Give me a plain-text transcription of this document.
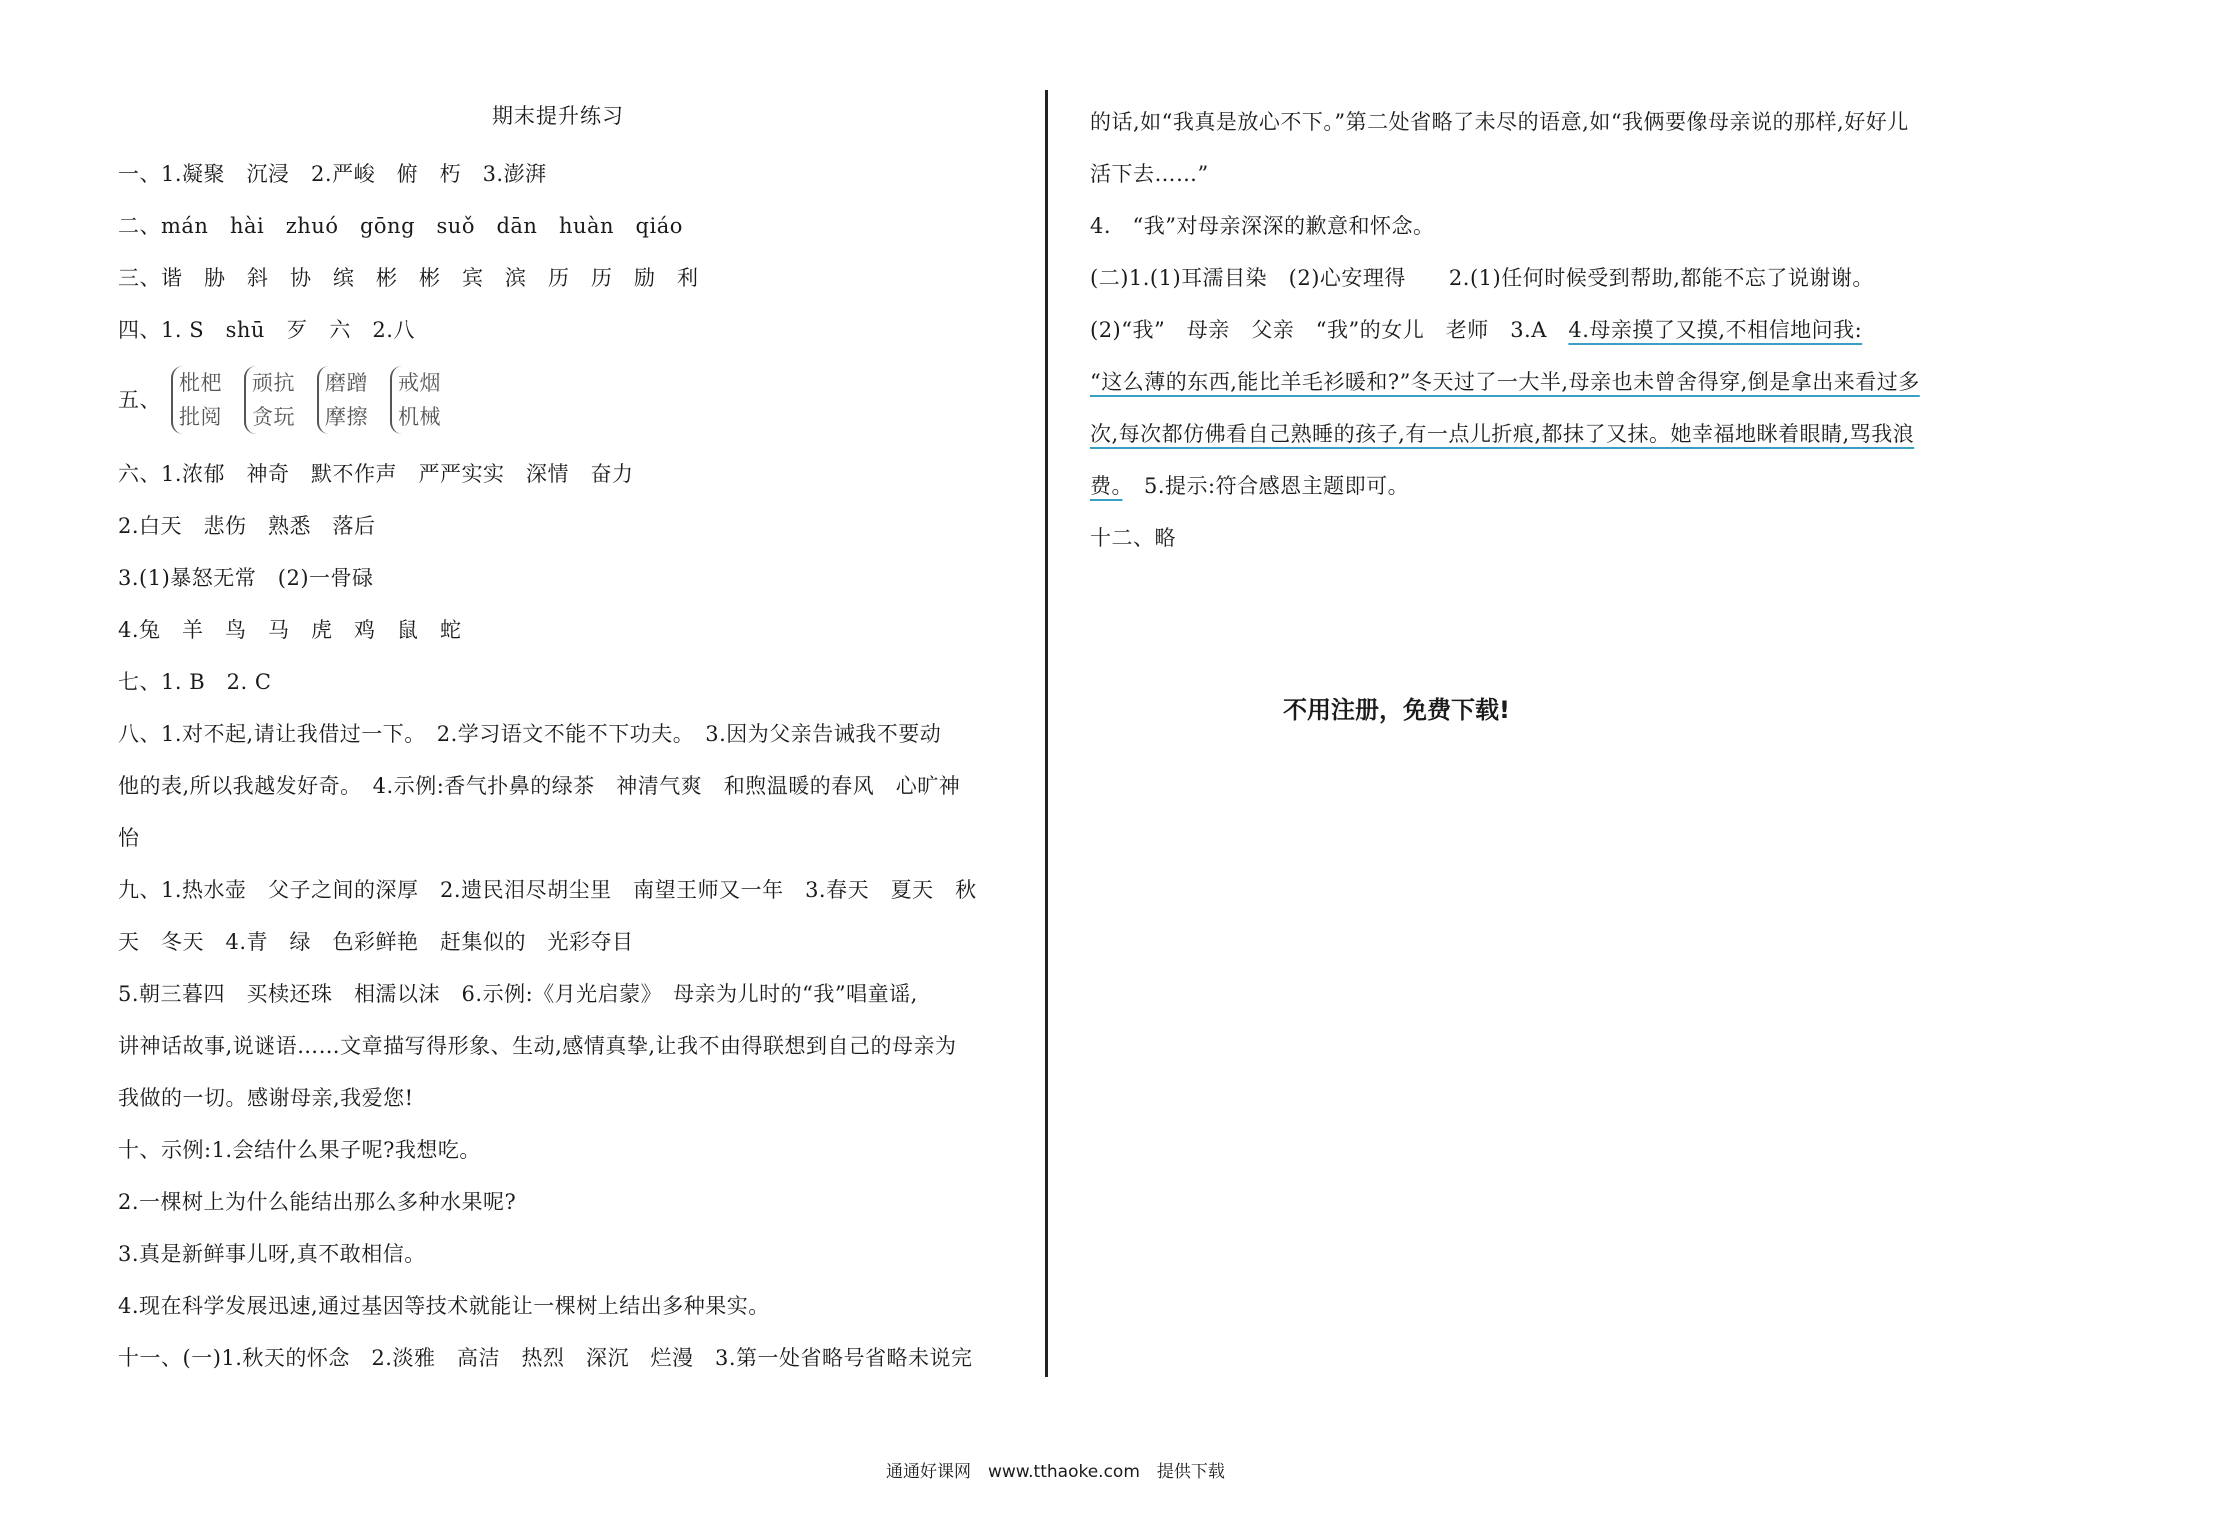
期末提升练习
一、1.凝聚　沉浸　2.严峻　俯　朽　3.澎湃
二、mán　hài　zhuó　gōng　suǒ　dān　huàn　qiáo
三、谐　胁　斜　协　缤　彬　彬　宾　滨　历　历　励　利
四、1. S　shū　歹　六　2.八
五、
枇杷
批阅
顽抗
贪玩
磨蹭
摩擦
戒烟
机械
六、1.浓郁　神奇　默不作声　严严实实　深情　奋力
2.白天　悲伤　熟悉　落后
3.(1)暴怒无常　(2)一骨碌
4.兔　羊　鸟　马　虎　鸡　鼠　蛇
七、1. B　2. C
八、1.对不起,请让我借过一下。　2.学习语文不能不下功夫。　3.因为父亲告诫我不要动
他的表,所以我越发好奇。　4.示例:香气扑鼻的绿茶　神清气爽　和煦温暖的春风　心旷神
怡
九、1.热水壶　父子之间的深厚　2.遗民泪尽胡尘里　南望王师又一年　3.春天　夏天　秋
天　冬天　4.青　绿　色彩鲜艳　赶集似的　光彩夺目
5.朝三暮四　买椟还珠　相濡以沫　6.示例:《月光启蒙》　母亲为儿时的“我”唱童谣,
讲神话故事,说谜语……文章描写得形象、生动,感情真挚,让我不由得联想到自己的母亲为
我做的一切。感谢母亲,我爱您!
十、示例:1.会结什么果子呢?我想吃。
2.一棵树上为什么能结出那么多种水果呢?
3.真是新鲜事儿呀,真不敢相信。
4.现在科学发展迅速,通过基因等技术就能让一棵树上结出多种果实。
十一、(一)1.秋天的怀念　2.淡雅　高洁　热烈　深沉　烂漫　3.第一处省略号省略未说完
的话,如“我真是放心不下。”第二处省略了未尽的语意,如“我俩要像母亲说的那样,好好儿
活下去……”
4.　“我”对母亲深深的歉意和怀念。
(二)1.(1)耳濡目染　(2)心安理得　　2.(1)任何时候受到帮助,都能不忘了说谢谢。
(2)“我”　母亲　父亲　“我”的女儿　老师　3.A　4.母亲摸了又摸,不相信地问我:
“这么薄的东西,能比羊毛衫暖和?”冬天过了一大半,母亲也未曾舍得穿,倒是拿出来看过多
次,每次都仿佛看自己熟睡的孩子,有一点儿折痕,都抹了又抹。她幸福地眯着眼睛,骂我浪
费。　5.提示:符合感恩主题即可。
十二、略
不用注册，免费下载!
通通好课网　www.tthaoke.com　提供下载
